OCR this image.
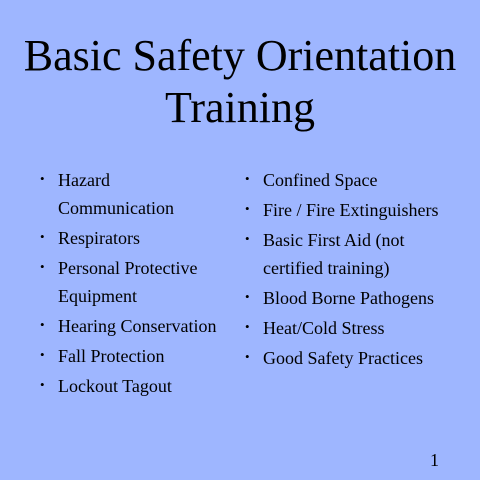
Basic Safety Orientation
Training
• Hazard Communication
• Respirators
• Personal Protective Equipment
• Hearing Conservation
• Fall Protection
• Lockout Tagout
• Confined Space
• Fire / Fire Extinguishers
• Basic First Aid (not certified training)
• Blood Borne Pathogens
• Heat/Cold Stress
• Good Safety Practices
1
